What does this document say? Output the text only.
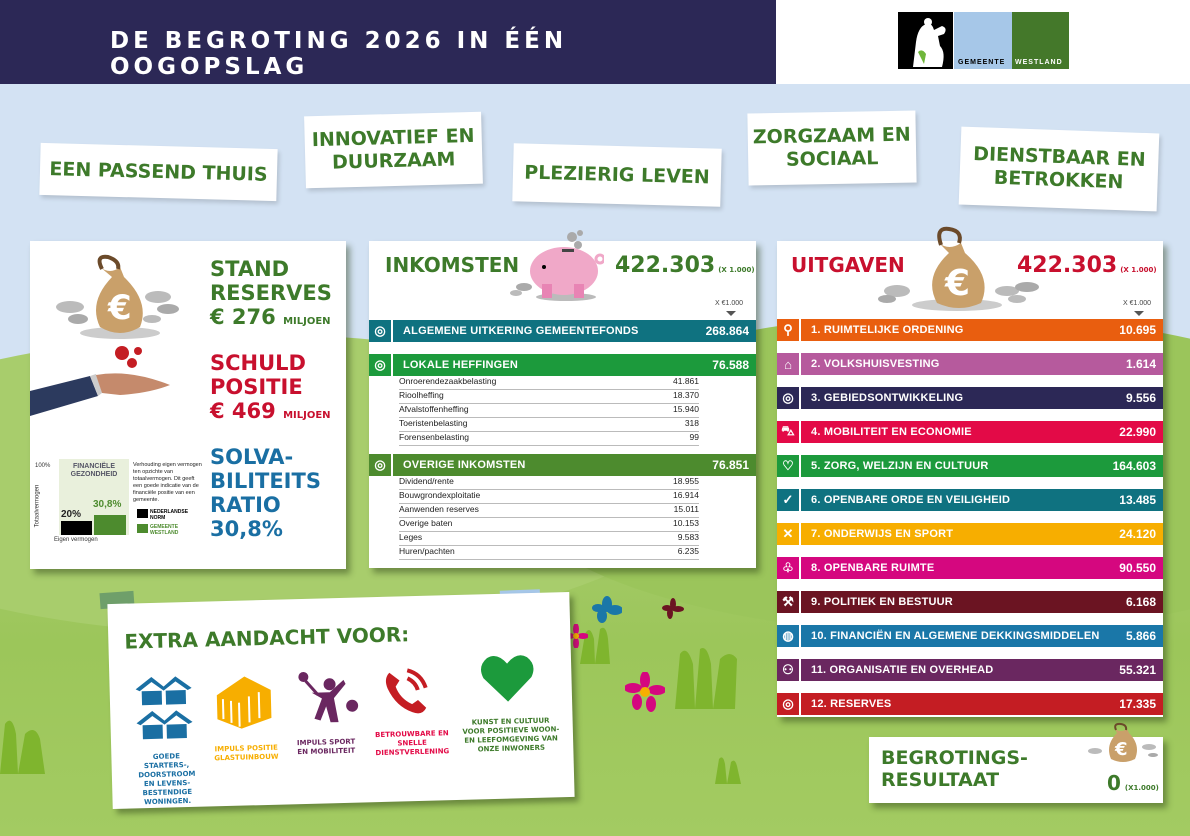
DE BEGROTING 2026 IN ÉÉN OOGOPSLAG	GEMEENTE WESTLAND
EEN PASSEND THUIS
INNOVATIEF EN DUURZAAM
PLEZIERIG LEVEN
ZORGZAAM EN SOCIAAL	DIENSTBAAR EN BETROKKEN
€
STAND
RESERVES
€ 276 MILJOEN
SCHULD
POSITIE
€ 469 MILJOEN
FINANCIËLE
GEZONDHEID
20%
30,8%
100%
Totaalvermogen
Eigen vermogen
Verhouding eigen vermogen ten opzichte van totaalvermogen. Dit geeft een goede indicatie van de financiële positie van een gemeente.
NEDERLANDSE NORM
GEMEENTE WESTLAND
SOLVA-
BILITEITS
RATIO
30,8%
INKOMSTEN	422.303 (X 1.000)
X €1.000
◎	ALGEMENE UITKERING GEMEENTEFONDS	268.864
◎	LOKALE HEFFINGEN	76.588
Onroerendezaakbelasting	41.861
Rioolheffing	18.370
Afvalstoffenheffing	15.940
Toeristenbelasting	318
Forensenbelasting	99
◎	OVERIGE INKOMSTEN	76.851
Dividend/rente	18.955
Bouwgrondexploitatie	16.914
Aanwenden reserves	15.011
Overige baten	10.153
Leges	9.583
Huren/pachten	6.235
UITGAVEN € 422.303 (X 1.000)
X €1.000
⚲	1. RUIMTELIJKE ORDENING	10.695
⌂	2. VOLKSHUISVESTING	1.614
◎	3. GEBIEDSONTWIKKELING	9.556
⛍	4. MOBILITEIT EN ECONOMIE	22.990
♡	5. ZORG, WELZIJN EN CULTUUR	164.603
✓	6. OPENBARE ORDE EN VEILIGHEID	13.485
✕	7. ONDERWIJS EN SPORT	24.120
♧	8. OPENBARE RUIMTE	90.550
⚒	9. POLITIEK EN BESTUUR	6.168
◍	10. FINANCIËN EN ALGEMENE DEKKINGSMIDDELEN	5.866
⚇	11. ORGANISATIE EN OVERHEAD	55.321
◎	12. RESERVES	17.335
BEGROTINGS-
RESULTAAT
€
0 (X1.000)
EXTRA AANDACHT VOOR:
GOEDE STARTERS-, DOORSTROOM EN LEVENS-BESTENDIGE WONINGEN.
IMPULS POSITIE GLASTUINBOUW
IMPULS SPORT EN MOBILITEIT
BETROUWBARE EN SNELLE DIENSTVERLENING
KUNST EN CULTUUR VOOR POSITIEVE WOON- EN LEEFOMGEVING VAN ONZE INWONERS
